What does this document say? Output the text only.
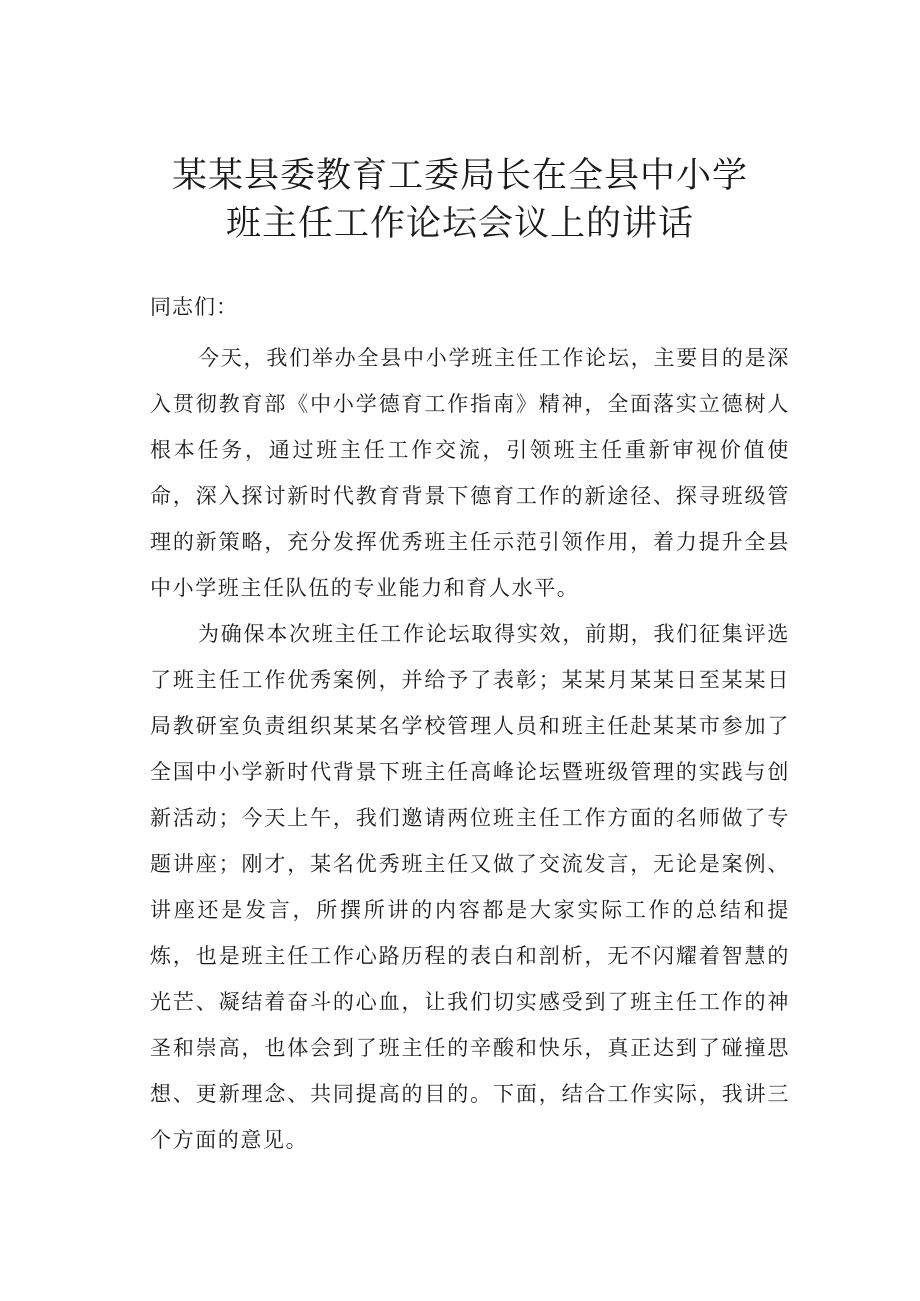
某某县委教育工委局长在全县中小学
班主任工作论坛会议上的讲话
同志们：

今天，我们举办全县中小学班主任工作论坛，主要目的是深入贯彻教育部《中小学德育工作指南》精神，全面落实立德树人根本任务，通过班主任工作交流，引领班主任重新审视价值使命，深入探讨新时代教育背景下德育工作的新途径、探寻班级管理的新策略，充分发挥优秀班主任示范引领作用，着力提升全县中小学班主任队伍的专业能力和育人水平。

为确保本次班主任工作论坛取得实效，前期，我们征集评选了班主任工作优秀案例，并给予了表彰；某某月某某日至某某日局教研室负责组织某某名学校管理人员和班主任赴某某市参加了全国中小学新时代背景下班主任高峰论坛暨班级管理的实践与创新活动；今天上午，我们邀请两位班主任工作方面的名师做了专题讲座；刚才，某名优秀班主任又做了交流发言，无论是案例、讲座还是发言，所撰所讲的内容都是大家实际工作的总结和提炼，也是班主任工作心路历程的表白和剖析，无不闪耀着智慧的光芒、凝结着奋斗的心血，让我们切实感受到了班主任工作的神圣和崇高，也体会到了班主任的辛酸和快乐，真正达到了碰撞思想、更新理念、共同提高的目的。下面，结合工作实际，我讲三个方面的意见。
